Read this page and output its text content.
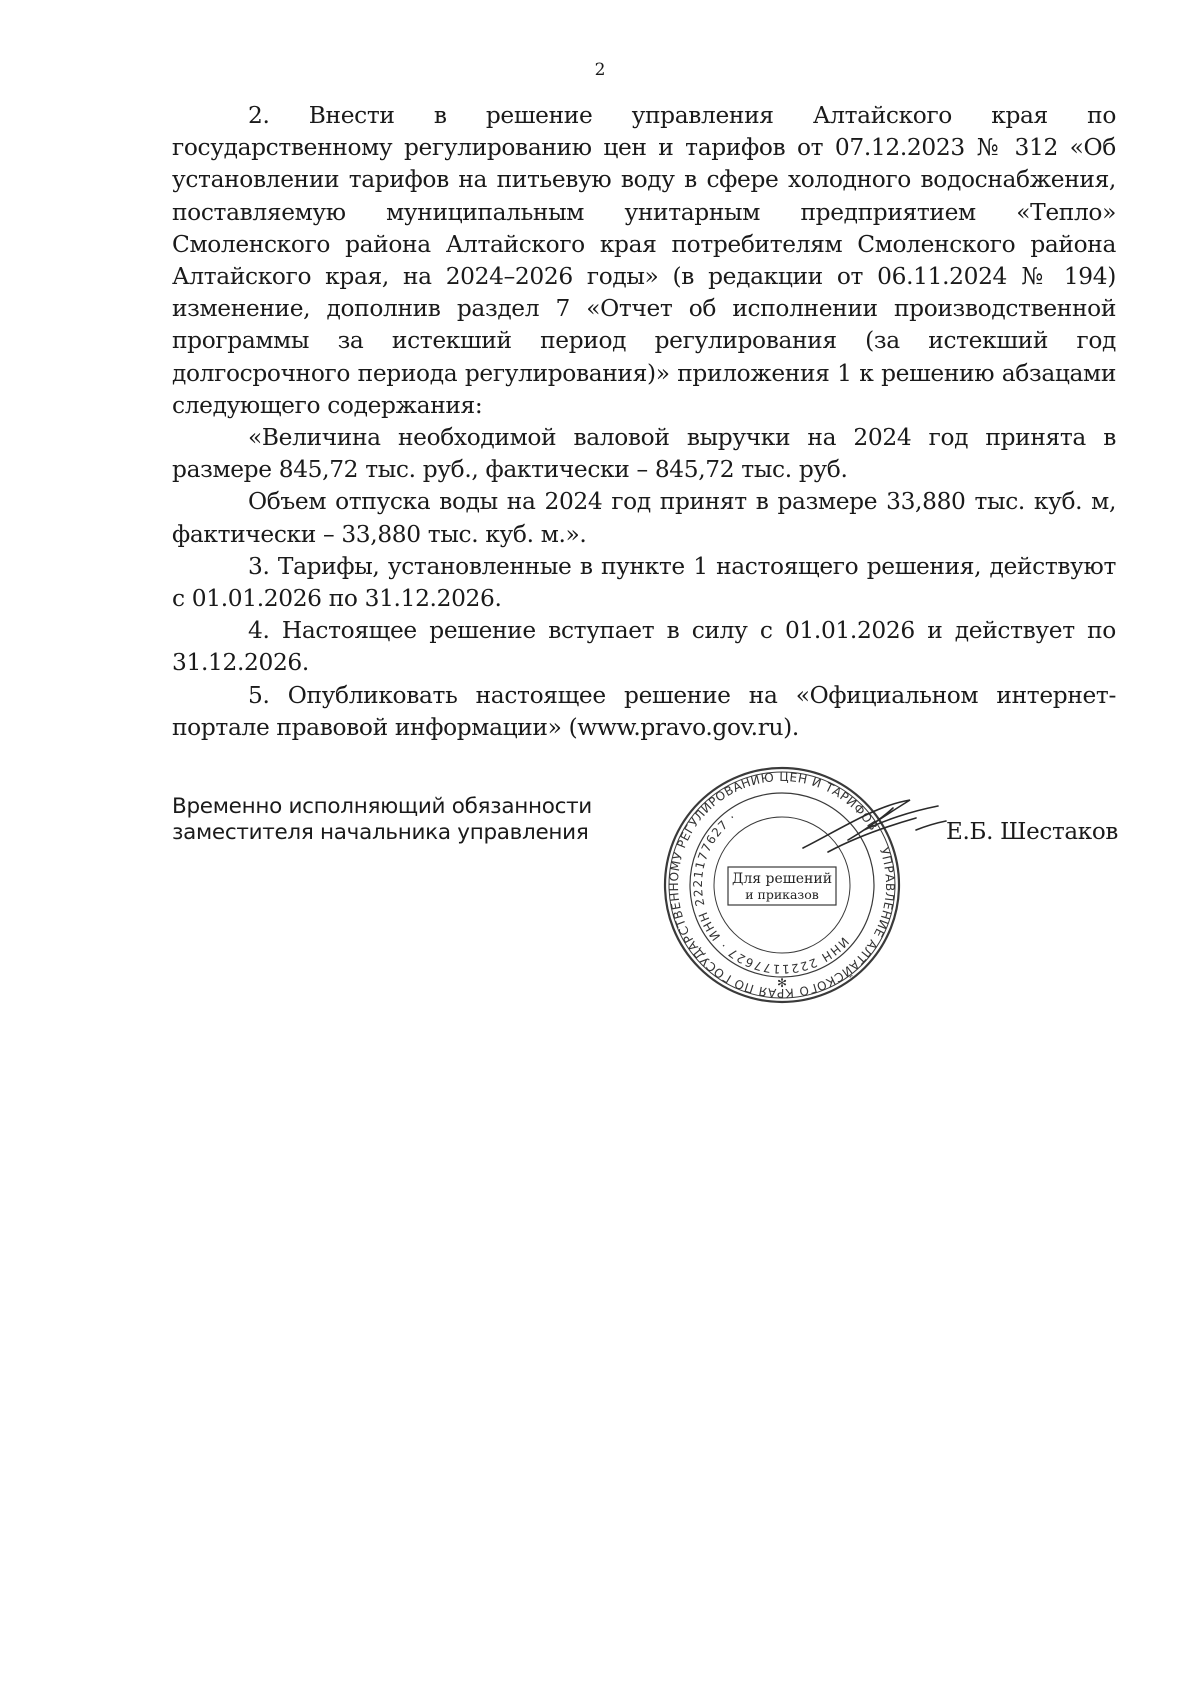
2

2. Внести в решение управления Алтайского края по государственному регулированию цен и тарифов от 07.12.2023 № 312 «Об установлении тарифов на питьевую воду в сфере холодного водоснабжения, поставляемую муниципальным унитарным предприятием «Тепло» Смоленского района Алтайского края потребителям Смоленского района Алтайского края, на 2024–2026 годы» (в редакции от 06.11.2024 № 194) изменение, дополнив раздел 7 «Отчет об исполнении производственной программы за истекший период регулирования (за истекший год долгосрочного периода регулирования)» приложения 1 к решению абзацами следующего содержания:

«Величина необходимой валовой выручки на 2024 год принята в размере 845,72 тыс. руб., фактически – 845,72 тыс. руб.

Объем отпуска воды на 2024 год принят в размере 33,880 тыс. куб. м, фактически – 33,880 тыс. куб. м.».

3. Тарифы, установленные в пункте 1 настоящего решения, действуют с 01.01.2026 по 31.12.2026.

4. Настоящее решение вступает в силу с 01.01.2026 и действует по 31.12.2026.

5. Опубликовать настоящее решение на «Официальном интернет-портале правовой информации» (www.pravo.gov.ru).

Временно исполняющий обязанности
заместителя начальника управления
УПРАВЛЕНИЕ АЛТАЙСКОГО КРАЯ ПО ГОСУДАРСТВЕННОМУ РЕГУЛИРОВАНИЮ ЦЕН И ТАРИФОВ
ИНН 2221177627 · ИНН 2221177627 ·
Для решений
и приказов
✻
Е.Б. Шестаков
